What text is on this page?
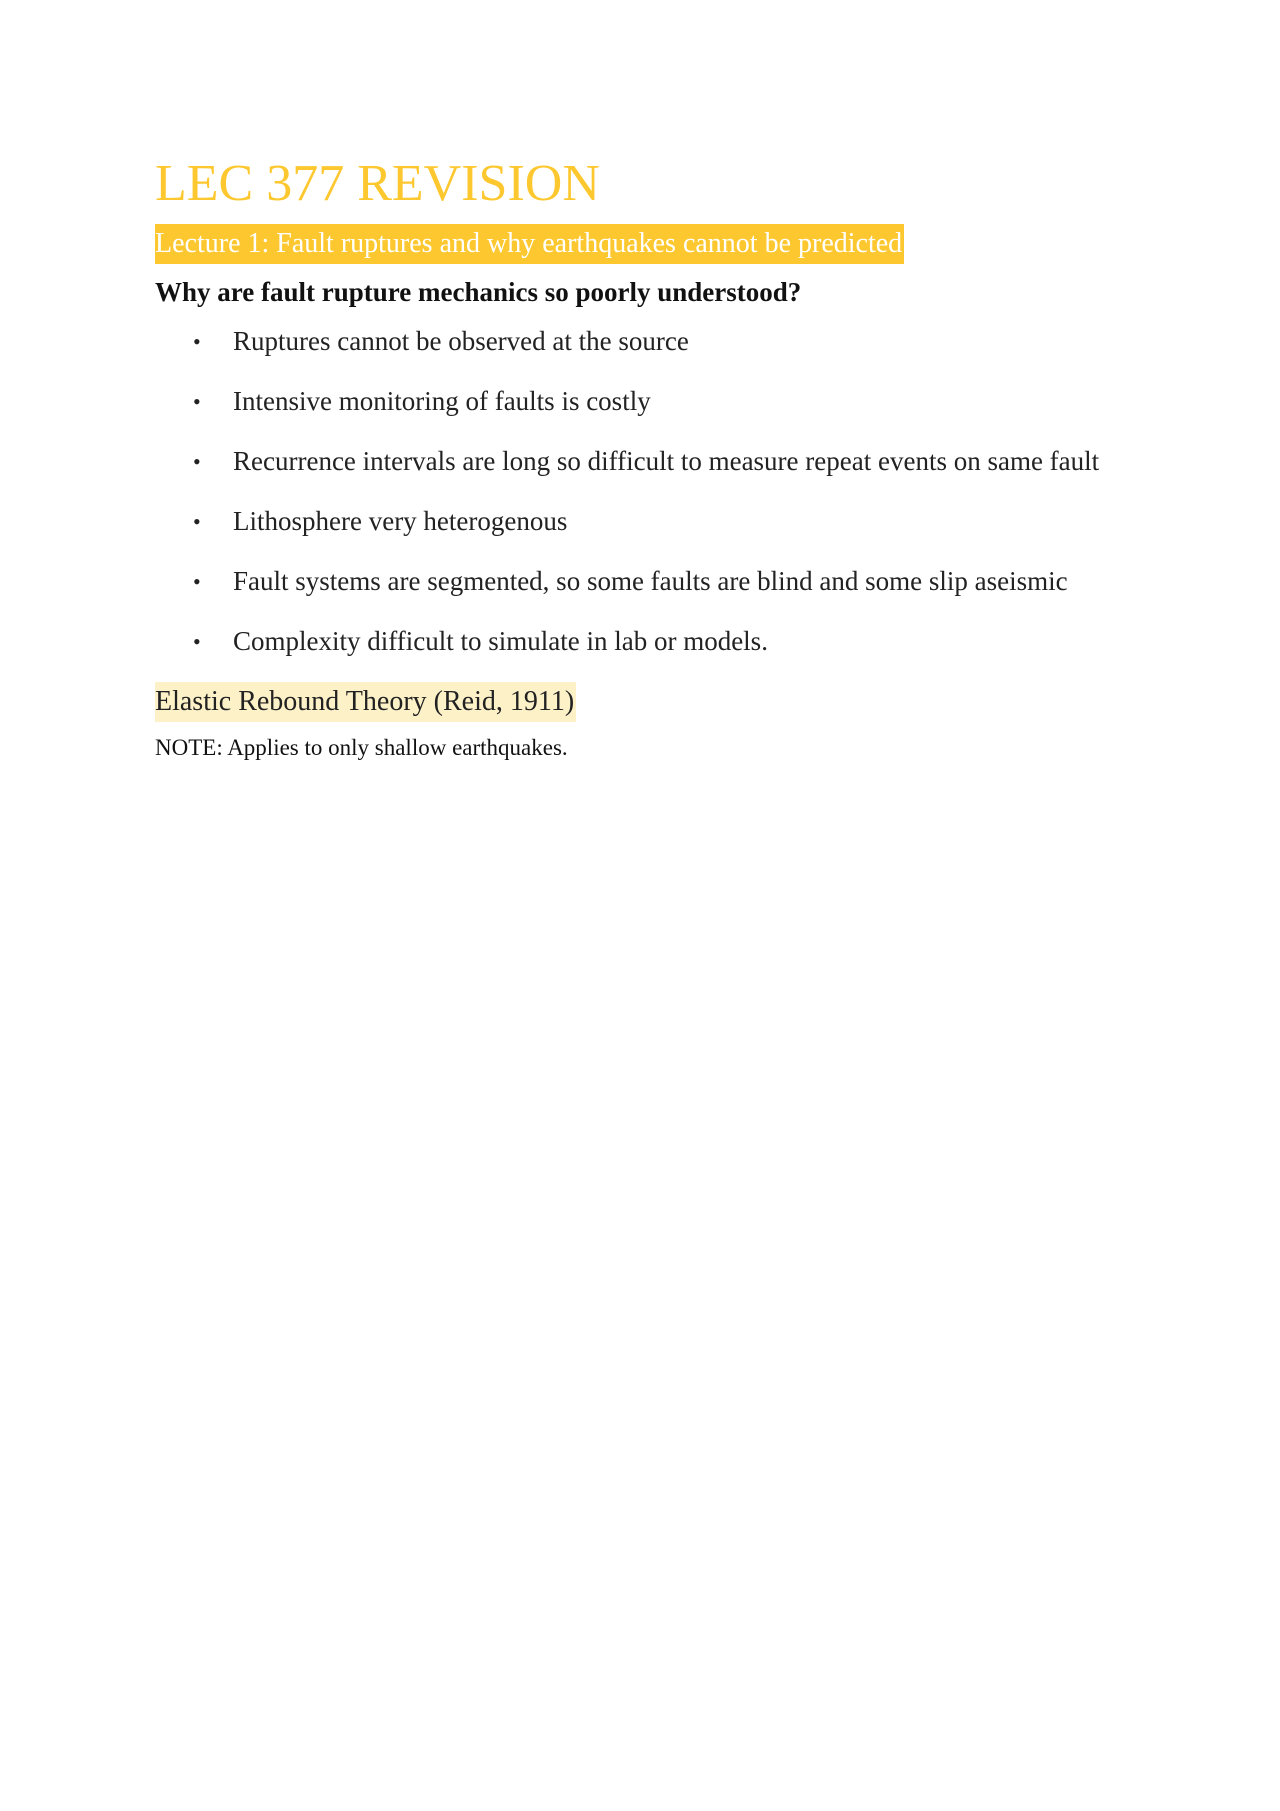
LEC 377 REVISION
Lecture 1: Fault ruptures and why earthquakes cannot be predicted

Why are fault rupture mechanics so poorly understood?

• Ruptures cannot be observed at the source
• Intensive monitoring of faults is costly
• Recurrence intervals are long so difficult to measure repeat events on same fault
• Lithosphere very heterogenous
• Fault systems are segmented, so some faults are blind and some slip aseismic
• Complexity difficult to simulate in lab or models.
Elastic Rebound Theory (Reid, 1911)

NOTE: Applies to only shallow earthquakes.
